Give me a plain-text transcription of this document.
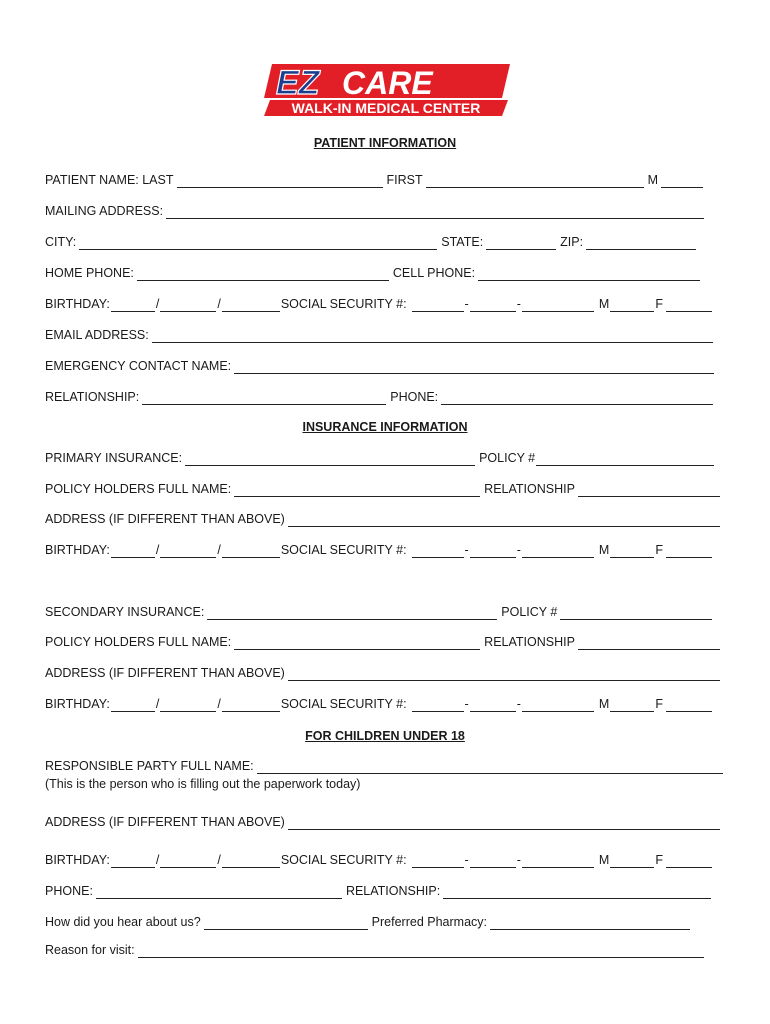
EZ CARE
WALK-IN MEDICAL CENTER
PATIENT INFORMATION
PATIENT NAME: LAST	FIRST	M
MAILING ADDRESS:
CITY:	STATE:	ZIP:
HOME PHONE:	CELL PHONE:
BIRTHDAY:	/	/	SOCIAL SECURITY #:	-	-	M	F
EMAIL ADDRESS:
EMERGENCY CONTACT NAME:
RELATIONSHIP:	PHONE:
INSURANCE INFORMATION
PRIMARY INSURANCE:	POLICY #
POLICY HOLDERS FULL NAME:	RELATIONSHIP
ADDRESS (IF DIFFERENT THAN ABOVE)
BIRTHDAY:	/	/	SOCIAL SECURITY #:	-	-	M	F
SECONDARY INSURANCE:	POLICY #
POLICY HOLDERS FULL NAME:	RELATIONSHIP
ADDRESS (IF DIFFERENT THAN ABOVE)
BIRTHDAY:	/	/	SOCIAL SECURITY #:	-	-	M	F
FOR CHILDREN UNDER 18
RESPONSIBLE PARTY FULL NAME:
(This is the person who is filling out the paperwork today)
ADDRESS (IF DIFFERENT THAN ABOVE)
BIRTHDAY:	/	/	SOCIAL SECURITY #:	-	-	M	F
PHONE:	RELATIONSHIP:
How did you hear about us?	Preferred Pharmacy:
Reason for visit:
